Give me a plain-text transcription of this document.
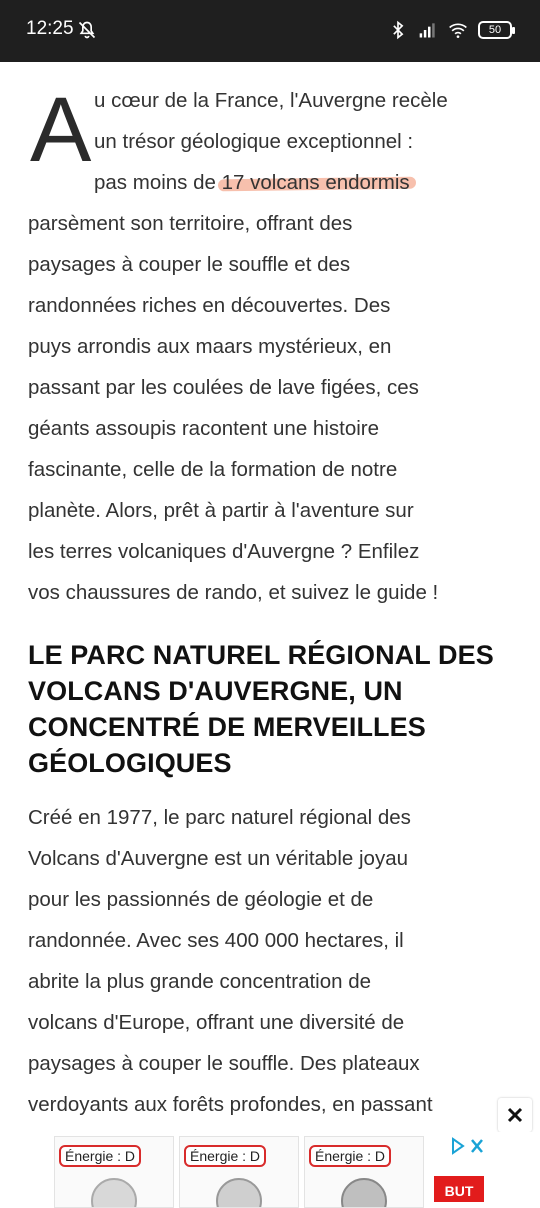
12:25	50
A u cœur de la France, l'Auvergne recèle
un trésor géologique exceptionnel :
pas moins de 17 volcans endormis
parsèment son territoire, offrant des
paysages à couper le souffle et des
randonnées riches en découvertes. Des
puys arrondis aux maars mystérieux, en
passant par les coulées de lave figées, ces
géants assoupis racontent une histoire
fascinante, celle de la formation de notre
planète. Alors, prêt à partir à l'aventure sur
les terres volcaniques d'Auvergne ? Enfilez
vos chaussures de rando, et suivez le guide !

LE PARC NATUREL RÉGIONAL DES
VOLCANS D'AUVERGNE, UN
CONCENTRÉ DE MERVEILLES
GÉOLOGIQUES

Créé en 1977, le parc naturel régional des
Volcans d'Auvergne est un véritable joyau
pour les passionnés de géologie et de
randonnée. Avec ses 400 000 hectares, il
abrite la plus grande concentration de
volcans d'Europe, offrant une diversité de
paysages à couper le souffle. Des plateaux
verdoyants aux forêts profondes, en passant

Énergie : D	Énergie : D	Énergie : D
BUT
